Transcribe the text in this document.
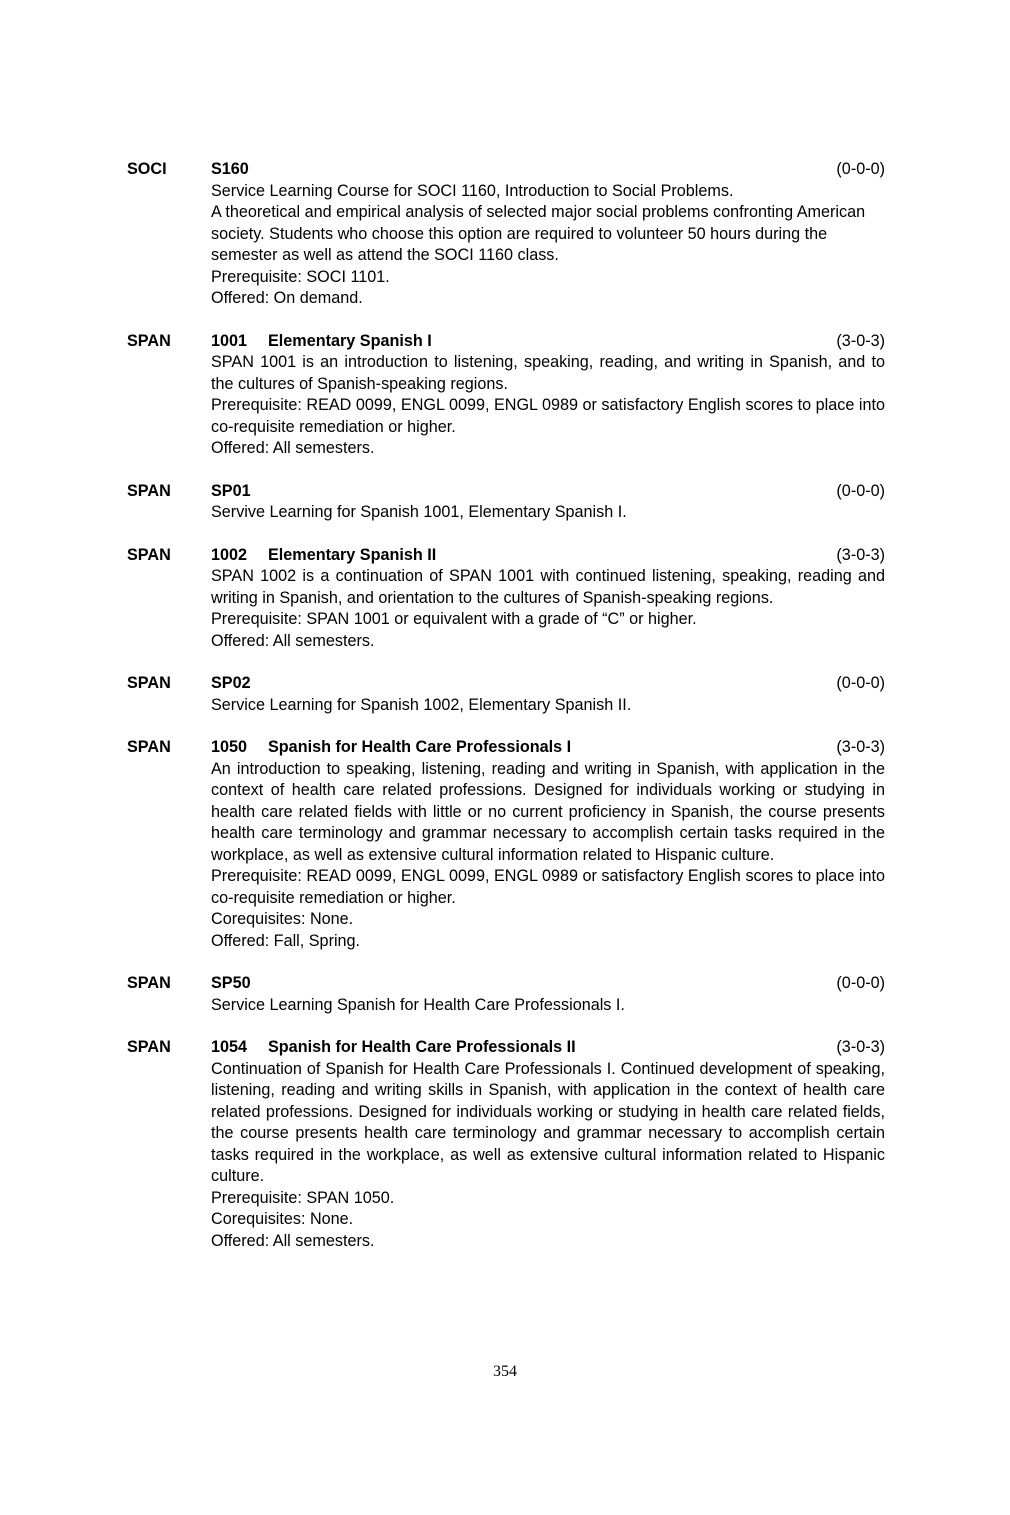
SOCI	S160	(0-0-0)

Service Learning Course for SOCI 1160, Introduction to Social Problems.

A theoretical and empirical analysis of selected major social problems confronting American society. Students who choose this option are required to volunteer 50 hours during the semester as well as attend the SOCI 1160 class.

Prerequisite: SOCI 1101.

Offered: On demand.

SPAN 1001 Elementary Spanish I	(3-0-3)

SPAN 1001 is an introduction to listening, speaking, reading, and writing in Spanish, and to the cultures of Spanish-speaking regions.

Prerequisite: READ 0099, ENGL 0099, ENGL 0989 or satisfactory English scores to place into co-requisite remediation or higher.

Offered: All semesters.

SPAN SP01	(0-0-0)

Servive Learning for Spanish 1001, Elementary Spanish I.

SPAN 1002 Elementary Spanish II	(3-0-3)

SPAN 1002 is a continuation of SPAN 1001 with continued listening, speaking, reading and writing in Spanish, and orientation to the cultures of Spanish-speaking regions.

Prerequisite: SPAN 1001 or equivalent with a grade of “C” or higher.

Offered: All semesters.

SPAN SP02	(0-0-0)

Service Learning for Spanish 1002, Elementary Spanish II.

SPAN 1050 Spanish for Health Care Professionals I	(3-0-3)

An introduction to speaking, listening, reading and writing in Spanish, with application in the context of health care related professions. Designed for individuals working or studying in health care related fields with little or no current proficiency in Spanish, the course presents health care terminology and grammar necessary to accomplish certain tasks required in the workplace, as well as extensive cultural information related to Hispanic culture.

Prerequisite: READ 0099, ENGL 0099, ENGL 0989 or satisfactory English scores to place into co-requisite remediation or higher.

Corequisites: None.

Offered: Fall, Spring.

SPAN SP50	(0-0-0)

Service Learning Spanish for Health Care Professionals I.

SPAN 1054 Spanish for Health Care Professionals II	(3-0-3)

Continuation of Spanish for Health Care Professionals I. Continued development of speaking, listening, reading and writing skills in Spanish, with application in the context of health care related professions. Designed for individuals working or studying in health care related fields, the course presents health care terminology and grammar necessary to accomplish certain tasks required in the workplace, as well as extensive cultural information related to Hispanic culture.

Prerequisite: SPAN 1050.

Corequisites: None.

Offered: All semesters.

354
